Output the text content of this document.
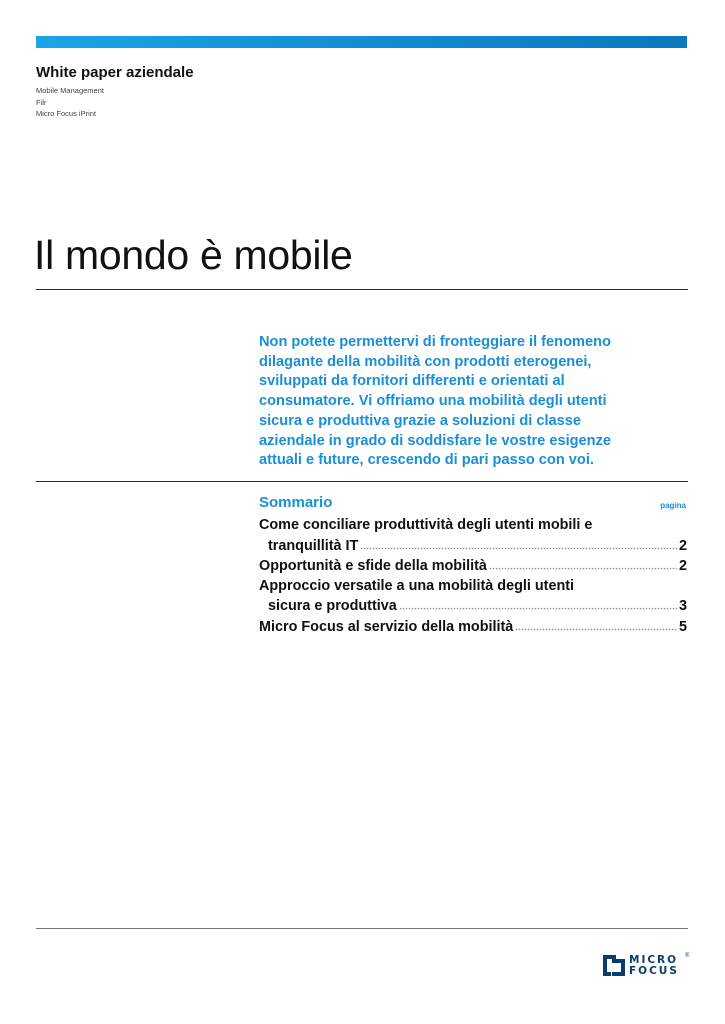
White paper aziendale
Mobile Management
Filr
Micro Focus iPrint
Il mondo è mobile
Non potete permettervi di fronteggiare il fenomeno
dilagante della mobilità con prodotti eterogenei,
sviluppati da fornitori differenti e orientati al
consumatore. Vi offriamo una mobilità degli utenti
sicura e produttiva grazie a soluzioni di classe
aziendale in grado di soddisfare le vostre esigenze
attuali e future, crescendo di pari passo con voi.
Sommario	pagina
Come conciliare produttività degli utenti mobili e
tranquillità IT	2
Opportunità e sfide della mobilità	2
Approccio versatile a una mobilità degli utenti
sicura e produttiva	3
Micro Focus al servizio della mobilità	5
MICRO
FOCUS
®
